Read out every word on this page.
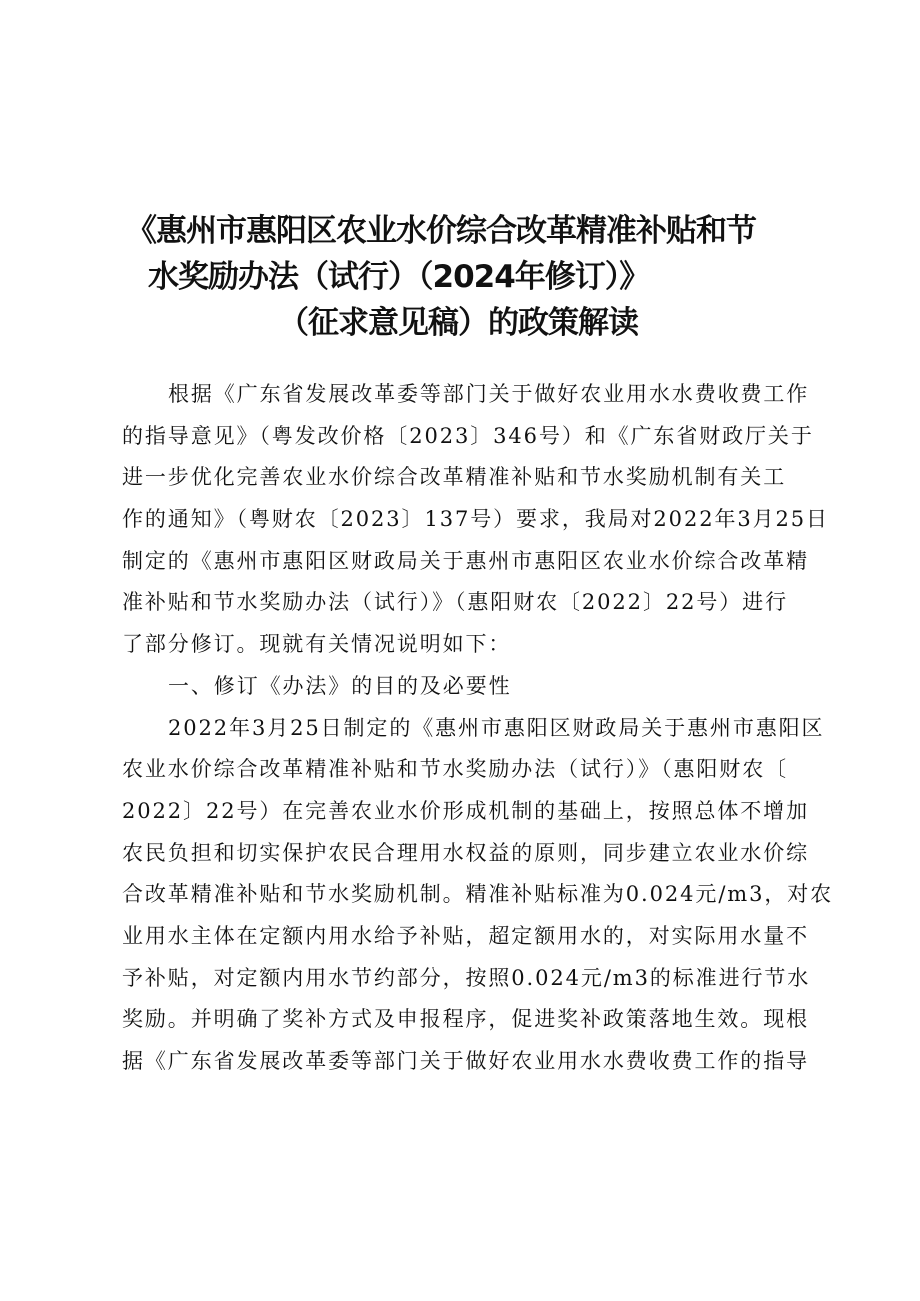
《惠州市惠阳区农业水价综合改革精准补贴和节
水奖励办法（试行）（2024年修订）》
（征求意见稿）的政策解读
根据《广东省发展改革委等部门关于做好农业用水水费收费工作
的指导意见》（粤发改价格〔2023〕346号）和《广东省财政厅关于
进一步优化完善农业水价综合改革精准补贴和节水奖励机制有关工
作的通知》（粤财农〔2023〕137号）要求，我局对2022年3月25日
制定的《惠州市惠阳区财政局关于惠州市惠阳区农业水价综合改革精
准补贴和节水奖励办法（试行）》（惠阳财农〔2022〕22号）进行
了部分修订。现就有关情况说明如下：
一、修订《办法》的目的及必要性
2022年3月25日制定的《惠州市惠阳区财政局关于惠州市惠阳区
农业水价综合改革精准补贴和节水奖励办法（试行）》（惠阳财农〔
2022〕22号）在完善农业水价形成机制的基础上，按照总体不增加
农民负担和切实保护农民合理用水权益的原则，同步建立农业水价综
合改革精准补贴和节水奖励机制。精准补贴标准为0.024元/m3，对农
业用水主体在定额内用水给予补贴，超定额用水的，对实际用水量不
予补贴，对定额内用水节约部分，按照0.024元/m3的标准进行节水
奖励。并明确了奖补方式及申报程序，促进奖补政策落地生效。现根
据《广东省发展改革委等部门关于做好农业用水水费收费工作的指导
